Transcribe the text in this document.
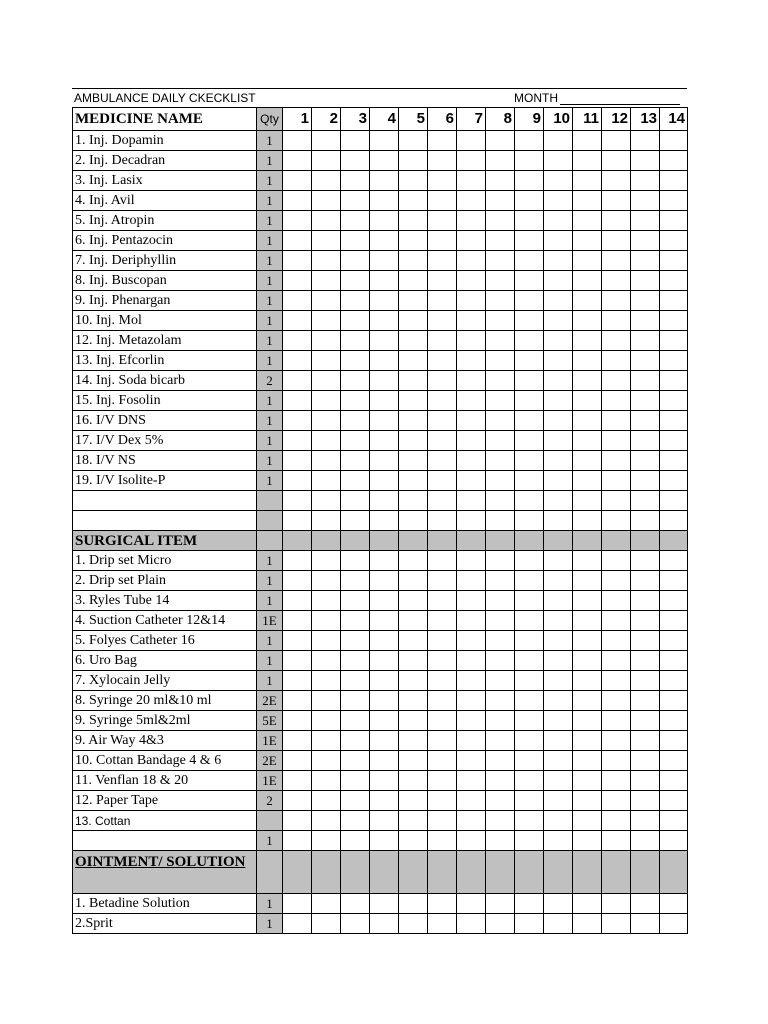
AMBULANCE DAILY CKECKLIST	MONTH
MEDICINE NAME	Qty	1	2	3	4	5	6	7	8	9	10	11	12	13	14
1. Inj. Dopamin	1														
2. Inj. Decadran	1														
3. Inj. Lasix	1														
4. Inj. Avil	1														
5. Inj. Atropin	1														
6. Inj. Pentazocin	1														
7. Inj. Deriphyllin	1														
8. Inj. Buscopan	1														
9. Inj. Phenargan	1														
10. Inj. Mol	1														
12. Inj. Metazolam	1														
13. Inj. Efcorlin	1														
14. Inj. Soda bicarb	2														
15. Inj. Fosolin	1														
16. I/V DNS	1														
17. I/V Dex 5%	1														
18. I/V NS	1														
19. I/V Isolite-P	1														

SURGICAL ITEM															
1. Drip set Micro	1														
2. Drip set Plain	1														
3. Ryles Tube 14	1														
4. Suction Catheter 12&14	1E														
5. Folyes Catheter 16	1														
6. Uro Bag	1														
7. Xylocain Jelly	1														
8. Syringe 20 ml&10 ml	2E														
9. Syringe 5ml&2ml	5E														
9. Air Way 4&3	1E														
10. Cottan Bandage 4 & 6	2E														
11. Venflan 18 & 20	1E														
12. Paper Tape	2														
13. Cottan															
	1														
OINTMENT/ SOLUTION															
1. Betadine Solution	1														
2.Sprit	1														
